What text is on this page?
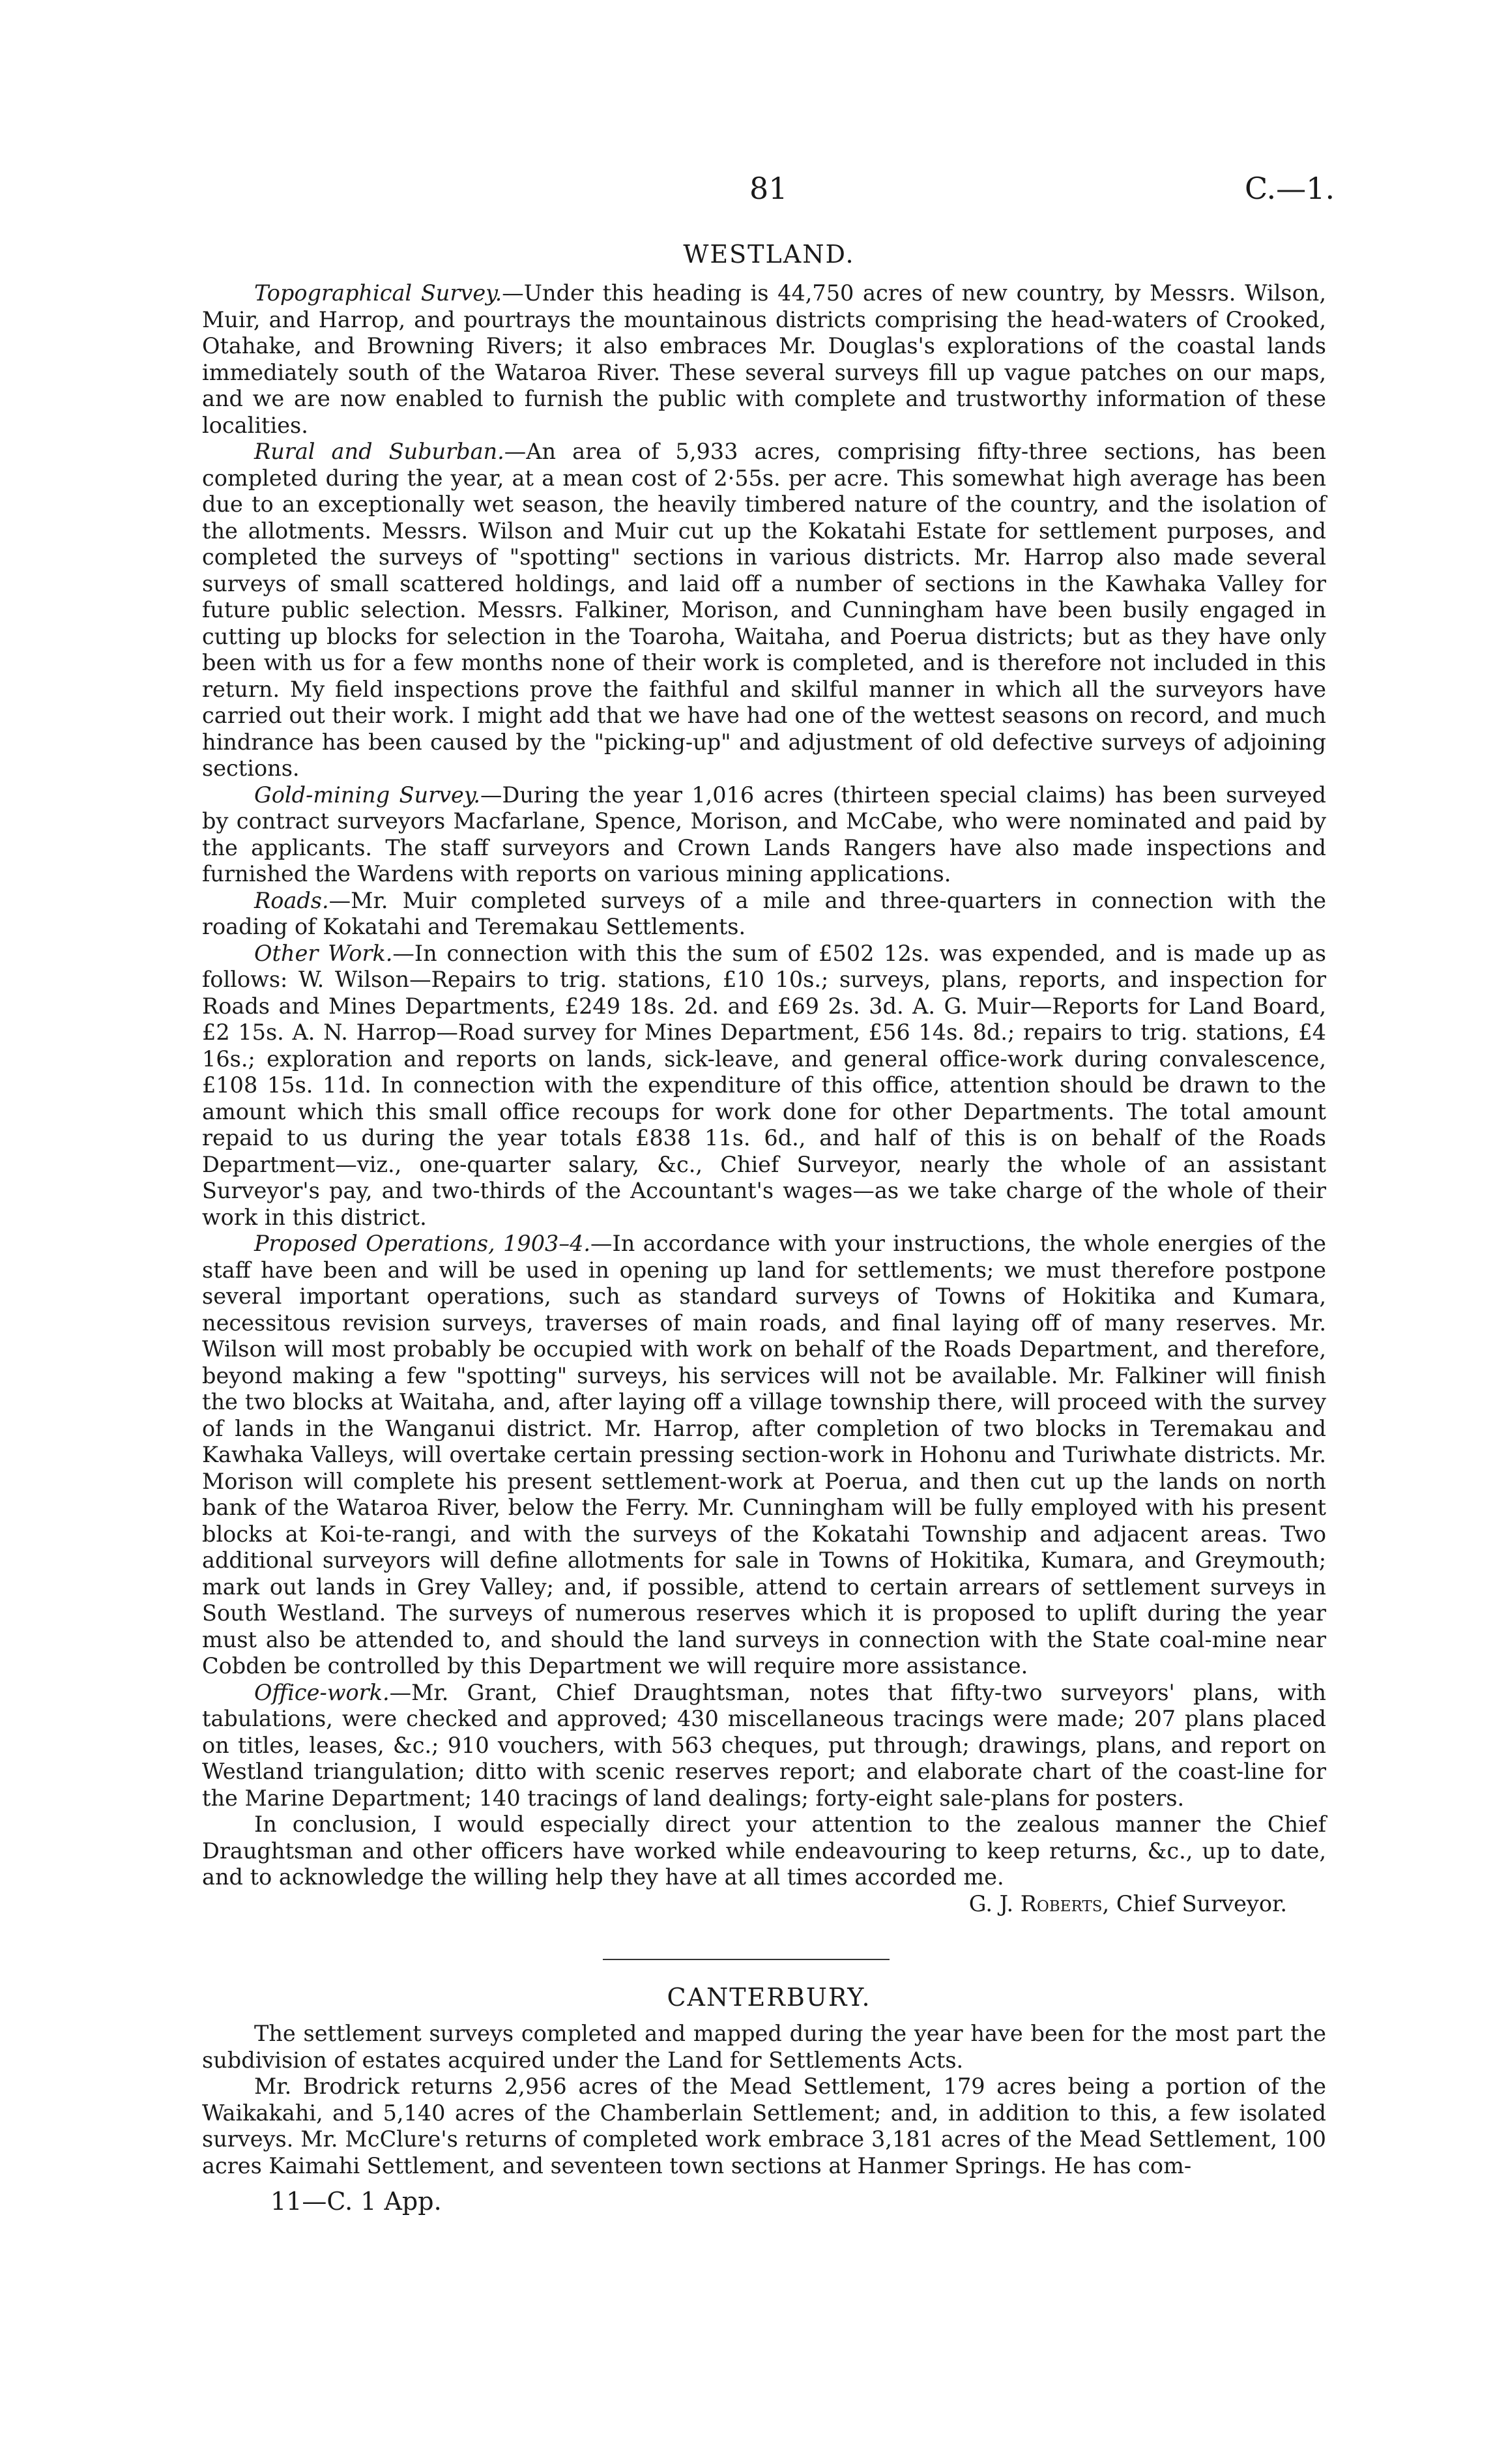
81	C.—1.
WESTLAND.

Topographical Survey.—Under this heading is 44,750 acres of new country, by Messrs. Wilson, Muir, and Harrop, and pourtrays the mountainous districts comprising the head-waters of Crooked, Otahake, and Browning Rivers; it also embraces Mr. Douglas's explorations of the coastal lands immediately south of the Wataroa River. These several surveys fill up vague patches on our maps, and we are now enabled to furnish the public with complete and trustworthy information of these localities.

Rural and Suburban.—An area of 5,933 acres, comprising fifty-three sections, has been completed during the year, at a mean cost of 2·55s. per acre. This somewhat high average has been due to an exceptionally wet season, the heavily timbered nature of the country, and the isolation of the allotments. Messrs. Wilson and Muir cut up the Kokatahi Estate for settlement purposes, and completed the surveys of "spotting" sections in various districts. Mr. Harrop also made several surveys of small scattered holdings, and laid off a number of sections in the Kawhaka Valley for future public selection. Messrs. Falkiner, Morison, and Cunningham have been busily engaged in cutting up blocks for selection in the Toaroha, Waitaha, and Poerua districts; but as they have only been with us for a few months none of their work is completed, and is therefore not included in this return. My field inspections prove the faithful and skilful manner in which all the surveyors have carried out their work. I might add that we have had one of the wettest seasons on record, and much hindrance has been caused by the "picking-up" and adjustment of old defective surveys of adjoining sections.

Gold-mining Survey.—During the year 1,016 acres (thirteen special claims) has been surveyed by contract surveyors Macfarlane, Spence, Morison, and McCabe, who were nominated and paid by the applicants. The staff surveyors and Crown Lands Rangers have also made inspections and furnished the Wardens with reports on various mining applications.

Roads.—Mr. Muir completed surveys of a mile and three-quarters in connection with the roading of Kokatahi and Teremakau Settlements.

Other Work.—In connection with this the sum of £502 12s. was expended, and is made up as follows: W. Wilson—Repairs to trig. stations, £10 10s.; surveys, plans, reports, and inspection for Roads and Mines Departments, £249 18s. 2d. and £69 2s. 3d. A. G. Muir—Reports for Land Board, £2 15s. A. N. Harrop—Road survey for Mines Department, £56 14s. 8d.; repairs to trig. stations, £4 16s.; exploration and reports on lands, sick-leave, and general office-work during convalescence, £108 15s. 11d. In connection with the expenditure of this office, attention should be drawn to the amount which this small office recoups for work done for other Departments. The total amount repaid to us during the year totals £838 11s. 6d., and half of this is on behalf of the Roads Department—viz., one-quarter salary, &c., Chief Surveyor, nearly the whole of an assistant Surveyor's pay, and two-thirds of the Accountant's wages—as we take charge of the whole of their work in this district.

Proposed Operations, 1903–4.—In accordance with your instructions, the whole energies of the staff have been and will be used in opening up land for settlements; we must therefore postpone several important operations, such as standard surveys of Towns of Hokitika and Kumara, necessitous revision surveys, traverses of main roads, and final laying off of many reserves. Mr. Wilson will most probably be occupied with work on behalf of the Roads Department, and therefore, beyond making a few "spotting" surveys, his services will not be available. Mr. Falkiner will finish the two blocks at Waitaha, and, after laying off a village township there, will proceed with the survey of lands in the Wanganui district. Mr. Harrop, after completion of two blocks in Teremakau and Kawhaka Valleys, will overtake certain pressing section-work in Hohonu and Turiwhate districts. Mr. Morison will complete his present settlement-work at Poerua, and then cut up the lands on north bank of the Wataroa River, below the Ferry. Mr. Cunningham will be fully employed with his present blocks at Koi-te-rangi, and with the surveys of the Kokatahi Township and adjacent areas. Two additional surveyors will define allotments for sale in Towns of Hokitika, Kumara, and Greymouth; mark out lands in Grey Valley; and, if possible, attend to certain arrears of settlement surveys in South Westland. The surveys of numerous reserves which it is proposed to uplift during the year must also be attended to, and should the land surveys in connection with the State coal-mine near Cobden be controlled by this Department we will require more assistance.

Office-work.—Mr. Grant, Chief Draughtsman, notes that fifty-two surveyors' plans, with tabulations, were checked and approved; 430 miscellaneous tracings were made; 207 plans placed on titles, leases, &c.; 910 vouchers, with 563 cheques, put through; drawings, plans, and report on Westland triangulation; ditto with scenic reserves report; and elaborate chart of the coast-line for the Marine Department; 140 tracings of land dealings; forty-eight sale-plans for posters.

In conclusion, I would especially direct your attention to the zealous manner the Chief Draughtsman and other officers have worked while endeavouring to keep returns, &c., up to date, and to acknowledge the willing help they have at all times accorded me.

G. J. Roberts, Chief Surveyor.

CANTERBURY.

The settlement surveys completed and mapped during the year have been for the most part the subdivision of estates acquired under the Land for Settlements Acts.

Mr. Brodrick returns 2,956 acres of the Mead Settlement, 179 acres being a portion of the Waikakahi, and 5,140 acres of the Chamberlain Settlement; and, in addition to this, a few isolated surveys. Mr. McClure's returns of completed work embrace 3,181 acres of the Mead Settlement, 100 acres Kaimahi Settlement, and seventeen town sections at Hanmer Springs. He has com-

11—C. 1 App.
